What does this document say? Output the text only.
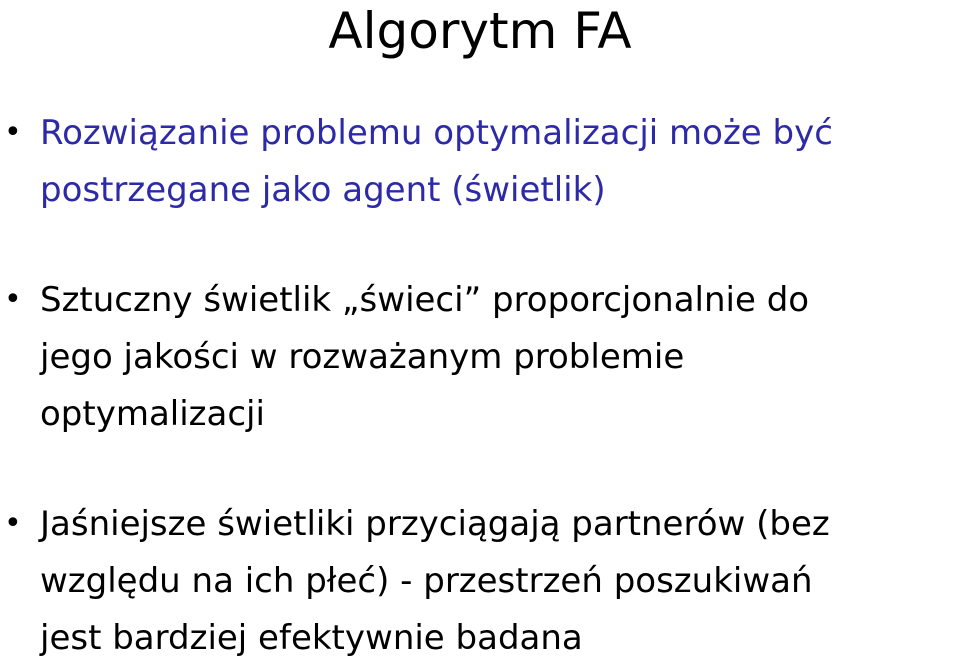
Algorytm FA
• Rozwiązanie problemu optymalizacji może być
postrzegane jako agent (świetlik)
• Sztuczny świetlik „świeci” proporcjonalnie do
jego jakości w rozważanym problemie
optymalizacji
• Jaśniejsze świetliki przyciągają partnerów (bez
względu na ich płeć) - przestrzeń poszukiwań
jest bardziej efektywnie badana
